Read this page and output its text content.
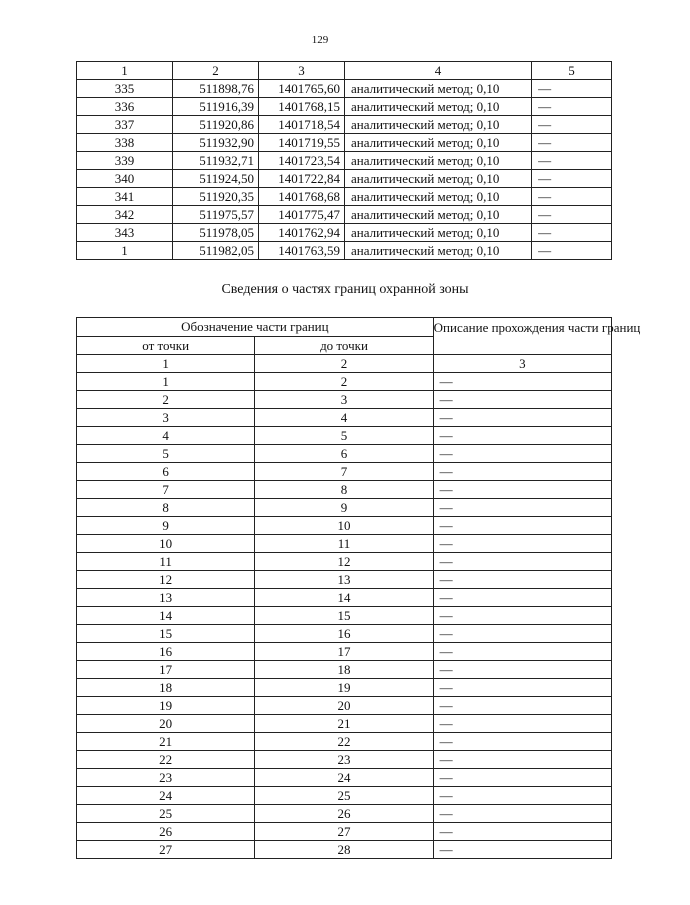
129
1	2	3	4	5
335	511898,76	1401765,60	аналитический метод; 0,10	—
336	511916,39	1401768,15	аналитический метод; 0,10	—
337	511920,86	1401718,54	аналитический метод; 0,10	—
338	511932,90	1401719,55	аналитический метод; 0,10	—
339	511932,71	1401723,54	аналитический метод; 0,10	—
340	511924,50	1401722,84	аналитический метод; 0,10	—
341	511920,35	1401768,68	аналитический метод; 0,10	—
342	511975,57	1401775,47	аналитический метод; 0,10	—
343	511978,05	1401762,94	аналитический метод; 0,10	—
1	511982,05	1401763,59	аналитический метод; 0,10	—
Сведения о частях границ охранной зоны
Обозначение части границ		Описание прохождения части границ
от точки	до точки	
1	2	3
1	2	—
2	3	—
3	4	—
4	5	—
5	6	—
6	7	—
7	8	—
8	9	—
9	10	—
10	11	—
11	12	—
12	13	—
13	14	—
14	15	—
15	16	—
16	17	—
17	18	—
18	19	—
19	20	—
20	21	—
21	22	—
22	23	—
23	24	—
24	25	—
25	26	—
26	27	—
27	28	—
